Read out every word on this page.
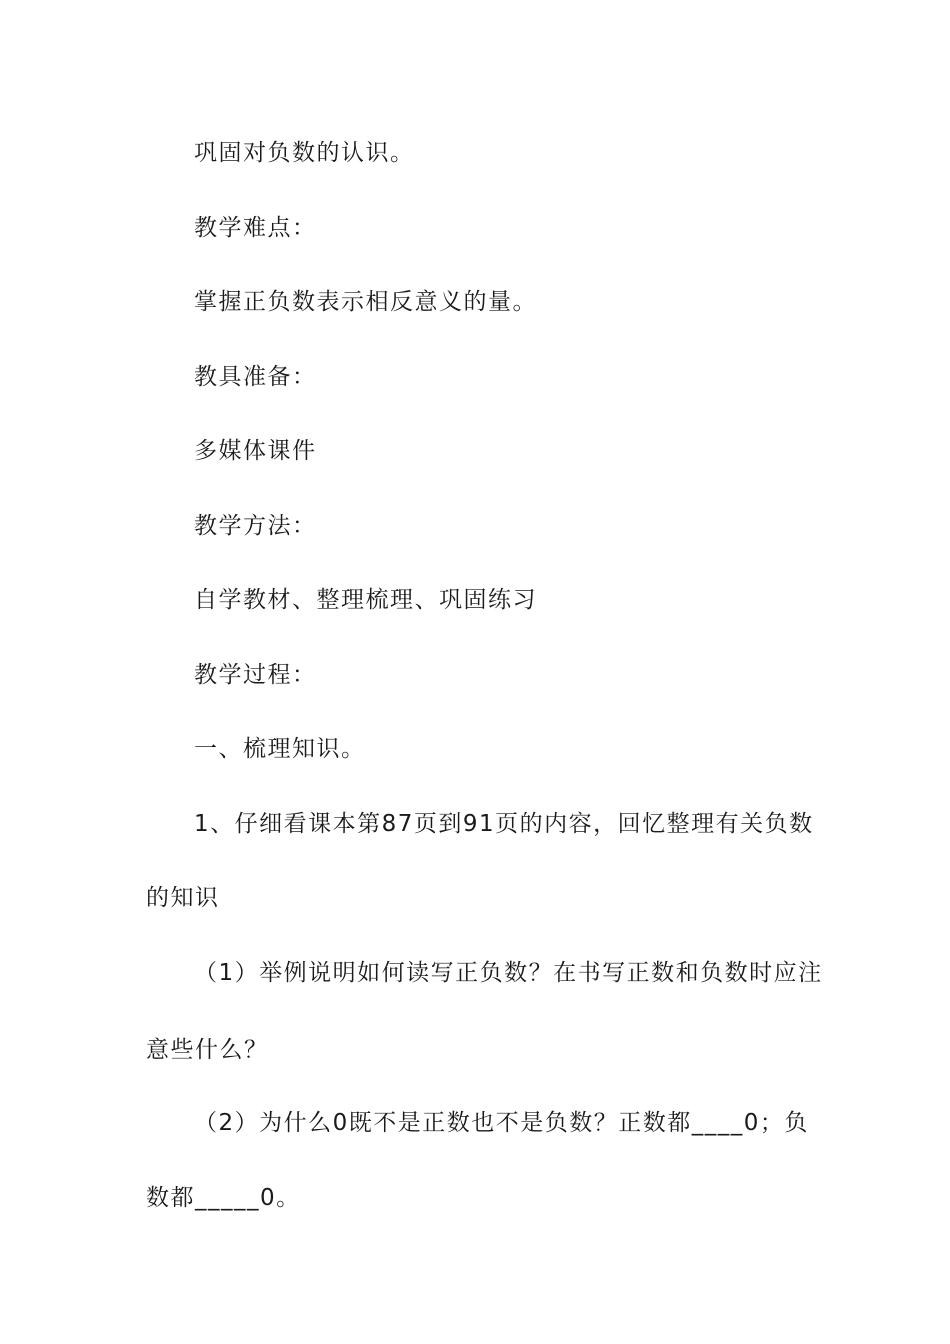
巩固对负数的认识。

教学难点：

掌握正负数表示相反意义的量。

教具准备：

多媒体课件

教学方法：

自学教材、整理梳理、巩固练习

教学过程：

一、梳理知识。

1、仔细看课本第87页到91页的内容，回忆整理有关负数

的知识

（1）举例说明如何读写正负数？在书写正数和负数时应注

意些什么？

（2）为什么0既不是正数也不是负数？正数都____0；负

数都_____0。
